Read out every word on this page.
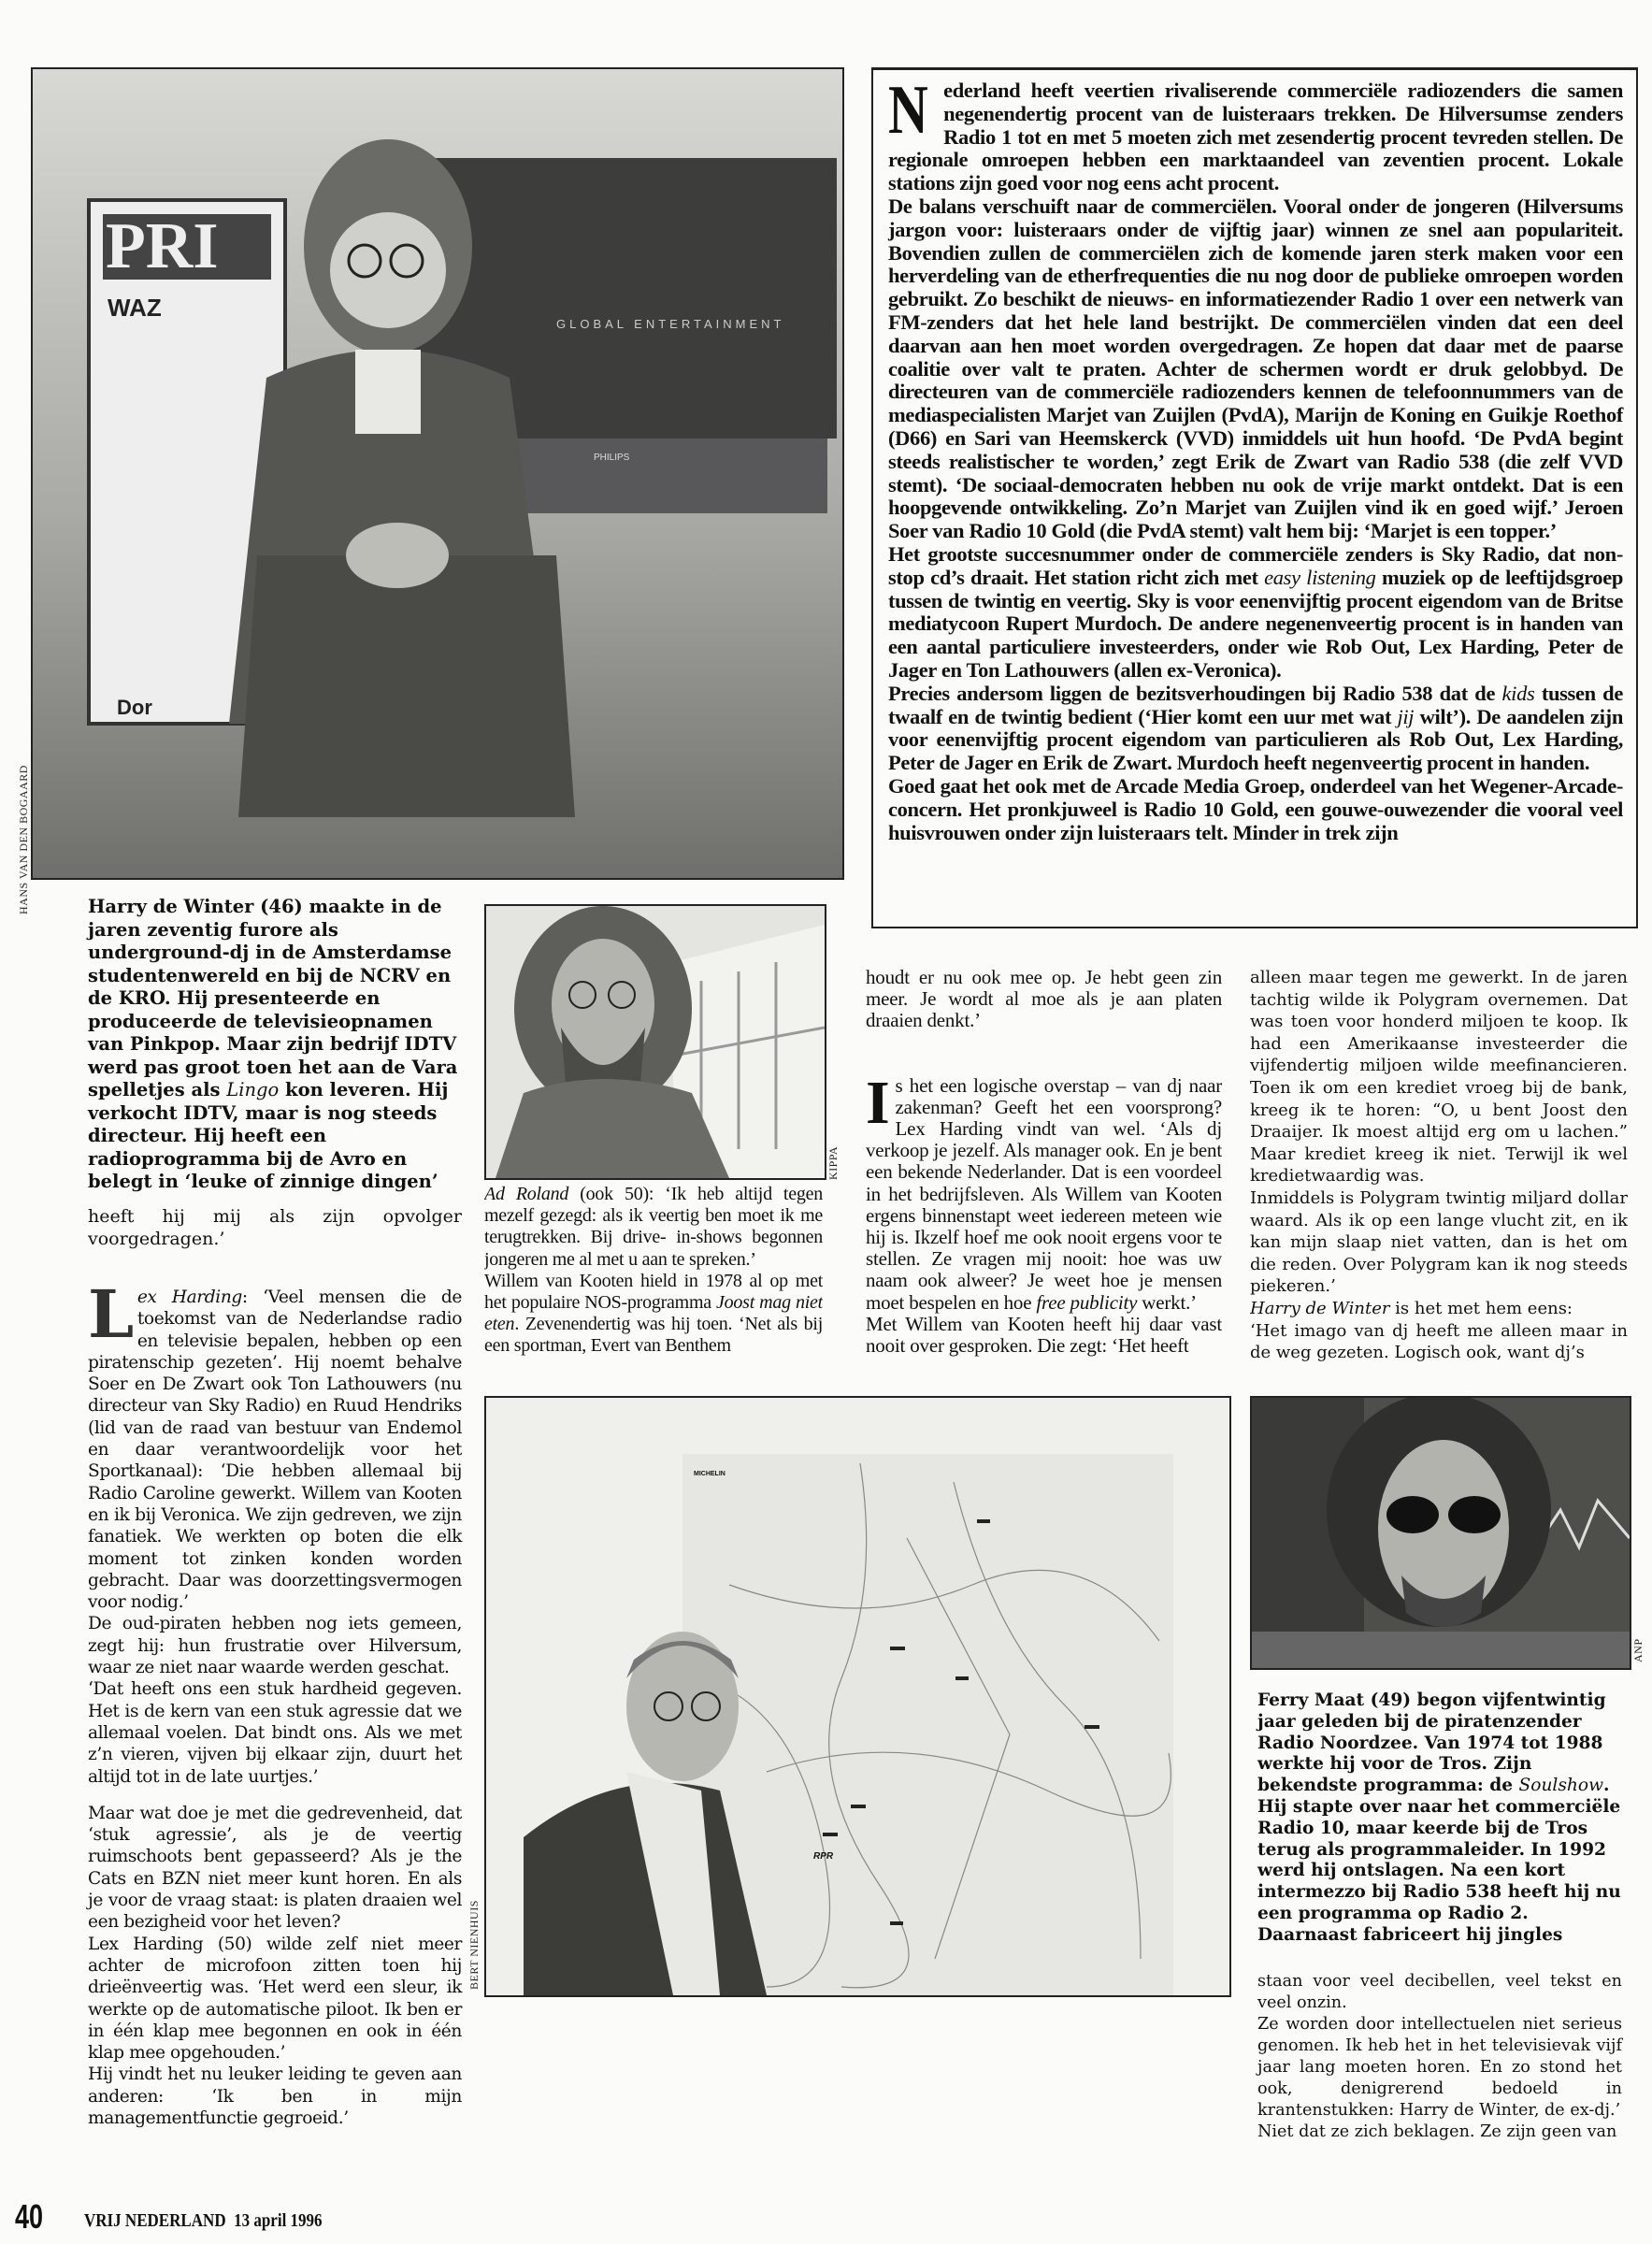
PRI
WAZ
Dor
GLOBAL ENTERTAINMENT
PHILIPS
HANS VAN DEN BOGAARD
N ederland heeft veertien rivaliserende commerciële radiozenders die samen negenendertig procent van de luisteraars trekken. De Hilversumse zenders Radio 1 tot en met 5 moeten zich met zesendertig procent tevreden stellen. De regionale omroepen hebben een marktaandeel van zeventien procent. Lokale stations zijn goed voor nog eens acht procent.

De balans verschuift naar de commerciëlen. Vooral onder de jongeren (Hilversums jargon voor: luisteraars onder de vijftig jaar) winnen ze snel aan populariteit. Bovendien zullen de commerciëlen zich de komende jaren sterk maken voor een herverdeling van de etherfrequenties die nu nog door de publieke omroepen worden gebruikt. Zo beschikt de nieuws- en informatiezender Radio 1 over een netwerk van FM-zenders dat het hele land bestrijkt. De commerciëlen vinden dat een deel daarvan aan hen moet worden overgedragen. Ze hopen dat daar met de paarse coalitie over valt te praten. Achter de schermen wordt er druk gelobbyd. De directeuren van de commerciële radiozenders kennen de telefoonnummers van de mediaspecialisten Marjet van Zuijlen (PvdA), Marijn de Koning en Guikje Roethof (D66) en Sari van Heemskerck (VVD) inmiddels uit hun hoofd. ‘De PvdA begint steeds realistischer te worden,’ zegt Erik de Zwart van Radio 538 (die zelf VVD stemt). ‘De sociaal-democraten hebben nu ook de vrije markt ontdekt. Dat is een hoopgevende ontwikkeling. Zo’n Marjet van Zuijlen vind ik en goed wijf.’ Jeroen Soer van Radio 10 Gold (die PvdA stemt) valt hem bij: ‘Marjet is een topper.’

Het grootste succesnummer onder de commerciële zenders is Sky Radio, dat non-stop cd’s draait. Het station richt zich met easy listening muziek op de leeftijdsgroep tussen de twintig en veertig. Sky is voor eenenvijftig procent eigendom van de Britse mediatycoon Rupert Murdoch. De andere negenenveertig procent is in handen van een aantal particuliere investeerders, onder wie Rob Out, Lex Harding, Peter de Jager en Ton Lathouwers (allen ex-Veronica).

Precies andersom liggen de bezitsverhoudingen bij Radio 538 dat de kids tussen de twaalf en de twintig bedient (‘Hier komt een uur met wat jij wilt’). De aandelen zijn voor eenenvijftig procent eigendom van particulieren als Rob Out, Lex Harding, Peter de Jager en Erik de Zwart. Murdoch heeft negenveertig procent in handen.

Goed gaat het ook met de Arcade Media Groep, onderdeel van het Wegener-Arcade-concern. Het pronkjuweel is Radio 10 Gold, een gouwe-ouwezender die vooral veel huisvrouwen onder zijn luisteraars telt. Minder in trek zijn

Harry de Winter (46) maakte in de jaren zeventig furore als underground-dj in de Amsterdamse studentenwereld en bij de NCRV en de KRO. Hij presenteerde en produceerde de televisieopnamen van Pinkpop. Maar zijn bedrijf IDTV werd pas groot toen het aan de Vara spelletjes als Lingo kon leveren. Hij verkocht IDTV, maar is nog steeds directeur. Hij heeft een radioprogramma bij de Avro en belegt in ‘leuke of zinnige dingen’

heeft hij mij als zijn opvolger voorgedragen.’

KIPPA

Ad Roland (ook 50): ‘Ik heb altijd tegen mezelf gezegd: als ik veertig ben moet ik me terugtrekken. Bij drive- in-shows begonnen jongeren me al met u aan te spreken.’

Willem van Kooten hield in 1978 al op met het populaire NOS-programma Joost mag niet eten. Zevenendertig was hij toen. ‘Net als bij een sportman, Evert van Benthem

houdt er nu ook mee op. Je hebt geen zin meer. Je wordt al moe als je aan platen draaien denkt.’

Is het een logische overstap – van dj naar zakenman? Geeft het een voorsprong? Lex Harding vindt van wel. ‘Als dj verkoop je jezelf. Als manager ook. En je bent een bekende Nederlander. Dat is een voordeel in het bedrijfsleven. Als Willem van Kooten ergens binnenstapt weet iedereen meteen wie hij is. Ikzelf hoef me ook nooit ergens voor te stellen. Ze vragen mij nooit: hoe was uw naam ook alweer? Je weet hoe je mensen moet bespelen en hoe free publicity werkt.’

Met Willem van Kooten heeft hij daar vast nooit over gesproken. Die zegt: ‘Het heeft

alleen maar tegen me gewerkt. In de jaren tachtig wilde ik Polygram overnemen. Dat was toen voor honderd miljoen te koop. Ik had een Amerikaanse investeerder die vijfendertig miljoen wilde meefinancieren. Toen ik om een krediet vroeg bij de bank, kreeg ik te horen: “O, u bent Joost den Draaijer. Ik moest altijd erg om u lachen.” Maar krediet kreeg ik niet. Terwijl ik wel kredietwaardig was.

Inmiddels is Polygram twintig miljard dollar waard. Als ik op een lange vlucht zit, en ik kan mijn slaap niet vatten, dan is het om die reden. Over Polygram kan ik nog steeds piekeren.’

Harry de Winter is het met hem eens:

‘Het imago van dj heeft me alleen maar in de weg gezeten. Logisch ook, want dj’s

Lex Harding: ‘Veel mensen die de toekomst van de Nederlandse radio en televisie bepalen, hebben op een piratenschip gezeten’. Hij noemt behalve Soer en De Zwart ook Ton Lathouwers (nu directeur van Sky Radio) en Ruud Hendriks (lid van de raad van bestuur van Endemol en daar verantwoordelijk voor het Sportkanaal): ‘Die hebben allemaal bij Radio Caroline gewerkt. Willem van Kooten en ik bij Veronica. We zijn gedreven, we zijn fanatiek. We werkten op boten die elk moment tot zinken konden worden gebracht. Daar was doorzettingsvermogen voor nodig.’

De oud-piraten hebben nog iets gemeen, zegt hij: hun frustratie over Hilversum, waar ze niet naar waarde werden geschat.

‘Dat heeft ons een stuk hardheid gegeven. Het is de kern van een stuk agressie dat we allemaal voelen. Dat bindt ons. Als we met z’n vieren, vijven bij elkaar zijn, duurt het altijd tot in de late uurtjes.’

Maar wat doe je met die gedrevenheid, dat ‘stuk agressie’, als je de veertig ruimschoots bent gepasseerd? Als je the Cats en BZN niet meer kunt horen. En als je voor de vraag staat: is platen draaien wel een bezigheid voor het leven?

Lex Harding (50) wilde zelf niet meer achter de microfoon zitten toen hij drieënveertig was. ‘Het werd een sleur, ik werkte op de automatische piloot. Ik ben er in één klap mee begonnen en ook in één klap mee opgehouden.’

Hij vindt het nu leuker leiding te geven aan anderen: ‘Ik ben in mijn managementfunctie gegroeid.’

MICHELIN
RPR
BERT NIENHUIS
ANP

Ferry Maat (49) begon vijfentwintig jaar geleden bij de piratenzender Radio Noordzee. Van 1974 tot 1988 werkte hij voor de Tros. Zijn bekendste programma: de Soulshow. Hij stapte over naar het commerciële Radio 10, maar keerde bij de Tros terug als programmaleider. In 1992 werd hij ontslagen. Na een kort intermezzo bij Radio 538 heeft hij nu een programma op Radio 2. Daarnaast fabriceert hij jingles

staan voor veel decibellen, veel tekst en veel onzin.

Ze worden door intellectuelen niet serieus genomen. Ik heb het in het televisievak vijf jaar lang moeten horen. En zo stond het ook, denigrerend bedoeld in krantenstukken: Harry de Winter, de ex-dj.’

Niet dat ze zich beklagen. Ze zijn geen van

40 VRIJ NEDERLAND 13 april 1996
